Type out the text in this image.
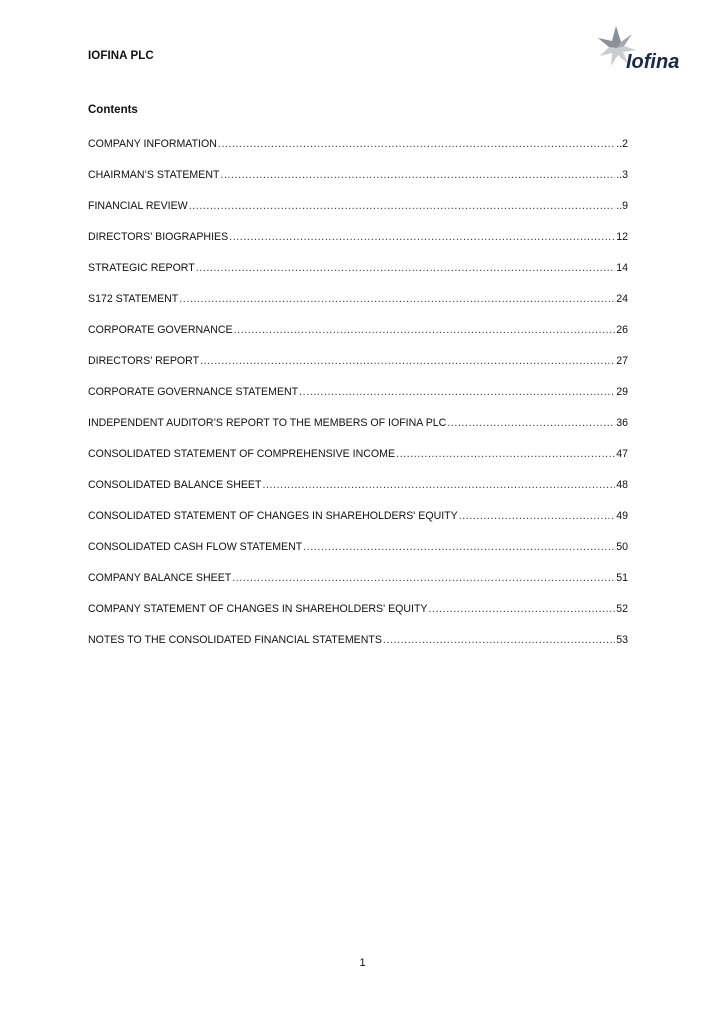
IOFINA PLC	Iofina
Contents
COMPANY INFORMATION .....	..2
CHAIRMAN’S STATEMENT .....	..3
FINANCIAL REVIEW .....	..9
DIRECTORS' BIOGRAPHIES .....	12
STRATEGIC REPORT .....	14
S172 STATEMENT .....	24
CORPORATE GOVERNANCE .....	26
DIRECTORS’ REPORT .....	27
CORPORATE GOVERNANCE STATEMENT .....	29
INDEPENDENT AUDITOR’S REPORT TO THE MEMBERS OF IOFINA PLC .....	36
CONSOLIDATED STATEMENT OF COMPREHENSIVE INCOME .....	47
CONSOLIDATED BALANCE SHEET .....	48
CONSOLIDATED STATEMENT OF CHANGES IN SHAREHOLDERS' EQUITY .....	49
CONSOLIDATED CASH FLOW STATEMENT .....	50
COMPANY BALANCE SHEET .....	51
COMPANY STATEMENT OF CHANGES IN SHAREHOLDERS' EQUITY .....	52
NOTES TO THE CONSOLIDATED FINANCIAL STATEMENTS .....	53
1
